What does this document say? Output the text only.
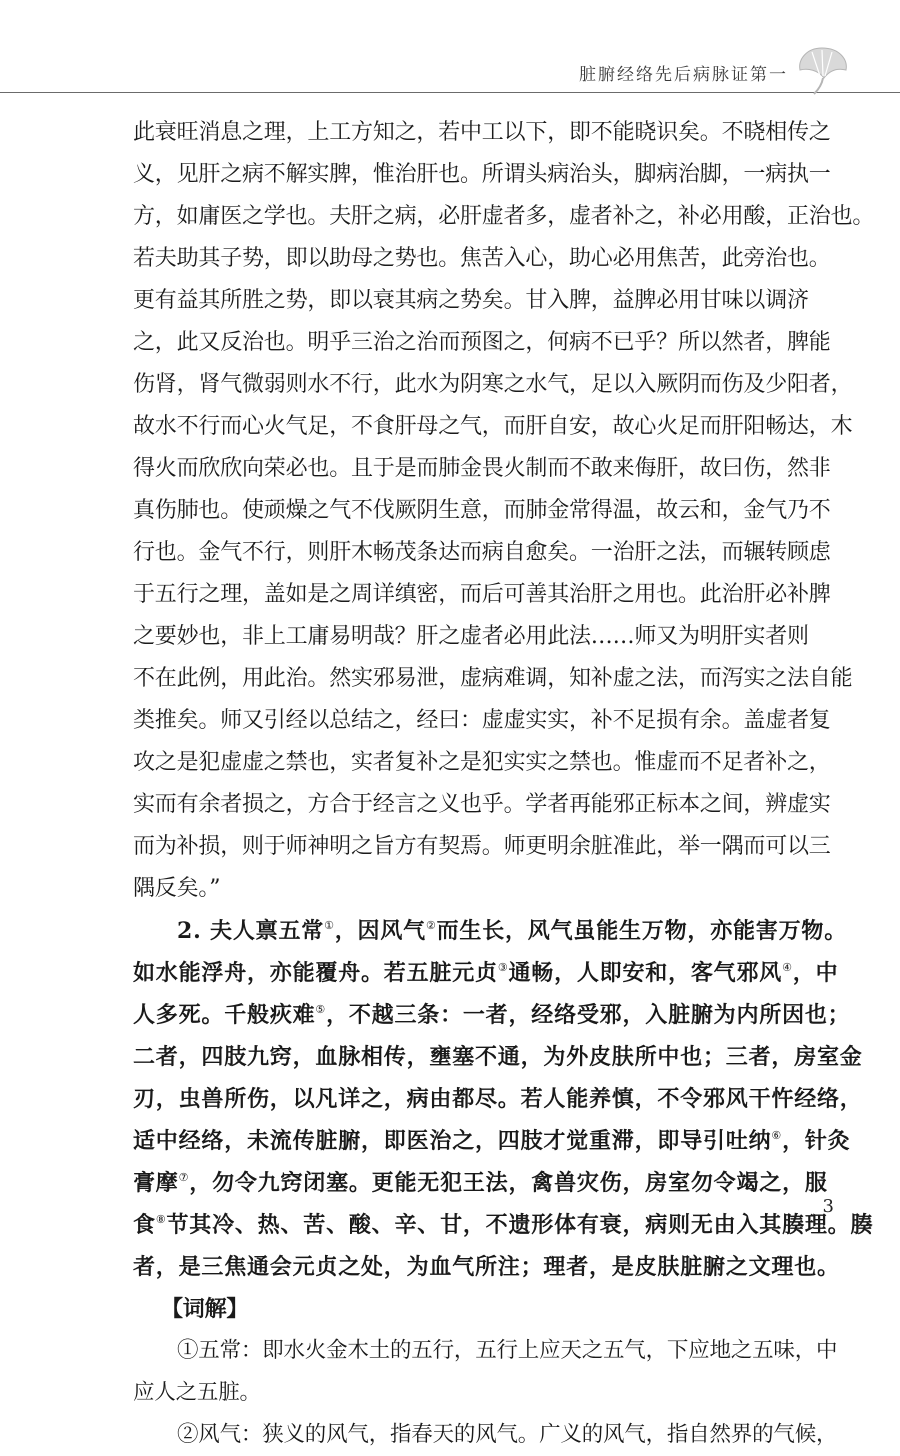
脏腑经络先后病脉证第一
此衰旺消息之理，上工方知之，若中工以下，即不能晓识矣。不晓相传之
义，见肝之病不解实脾，惟治肝也。所谓头病治头，脚病治脚，一病执一
方，如庸医之学也。夫肝之病，必肝虚者多，虚者补之，补必用酸，正治也。
若夫助其子势，即以助母之势也。焦苦入心，助心必用焦苦，此旁治也。
更有益其所胜之势，即以衰其病之势矣。甘入脾，益脾必用甘味以调济
之，此又反治也。明乎三治之治而预图之，何病不已乎？所以然者，脾能
伤肾，肾气微弱则水不行，此水为阴寒之水气，足以入厥阴而伤及少阳者，
故水不行而心火气足，不食肝母之气，而肝自安，故心火足而肝阳畅达，木
得火而欣欣向荣必也。且于是而肺金畏火制而不敢来侮肝，故曰伤，然非
真伤肺也。使顽燥之气不伐厥阴生意，而肺金常得温，故云和，金气乃不
行也。金气不行，则肝木畅茂条达而病自愈矣。一治肝之法，而辗转顾虑
于五行之理，盖如是之周详缜密，而后可善其治肝之用也。此治肝必补脾
之要妙也，非上工庸易明哉？肝之虚者必用此法……师又为明肝实者则
不在此例，用此治。然实邪易泄，虚病难调，知补虚之法，而泻实之法自能
类推矣。师又引经以总结之，经曰：虚虚实实，补不足损有余。盖虚者复
攻之是犯虚虚之禁也，实者复补之是犯实实之禁也。惟虚而不足者补之，
实而有余者损之，方合于经言之义也乎。学者再能邪正标本之间，辨虚实
而为补损，则于师神明之旨方有契焉。师更明余脏准此，举一隅而可以三
隅反矣。”
2. 夫人禀五常①，因风气②而生长，风气虽能生万物，亦能害万物。
如水能浮舟，亦能覆舟。若五脏元贞③通畅，人即安和，客气邪风④，中
人多死。千般疢难⑤，不越三条：一者，经络受邪，入脏腑为内所因也；
二者，四肢九窍，血脉相传，壅塞不通，为外皮肤所中也；三者，房室金
刃，虫兽所伤，以凡详之，病由都尽。若人能养慎，不令邪风干忤经络，
适中经络，未流传脏腑，即医治之，四肢才觉重滞，即导引吐纳⑥，针灸
膏摩⑦，勿令九窍闭塞。更能无犯王法，禽兽灾伤，房室勿令竭之，服
食⑧节其冷、热、苦、酸、辛、甘，不遗形体有衰，病则无由入其腠理。腠
者，是三焦通会元贞之处，为血气所注；理者，是皮肤脏腑之文理也。
【词解】
①五常：即水火金木土的五行，五行上应天之五气，下应地之五味，中
应人之五脏。
②风气：狭义的风气，指春天的风气。广义的风气，指自然界的气候，
3
